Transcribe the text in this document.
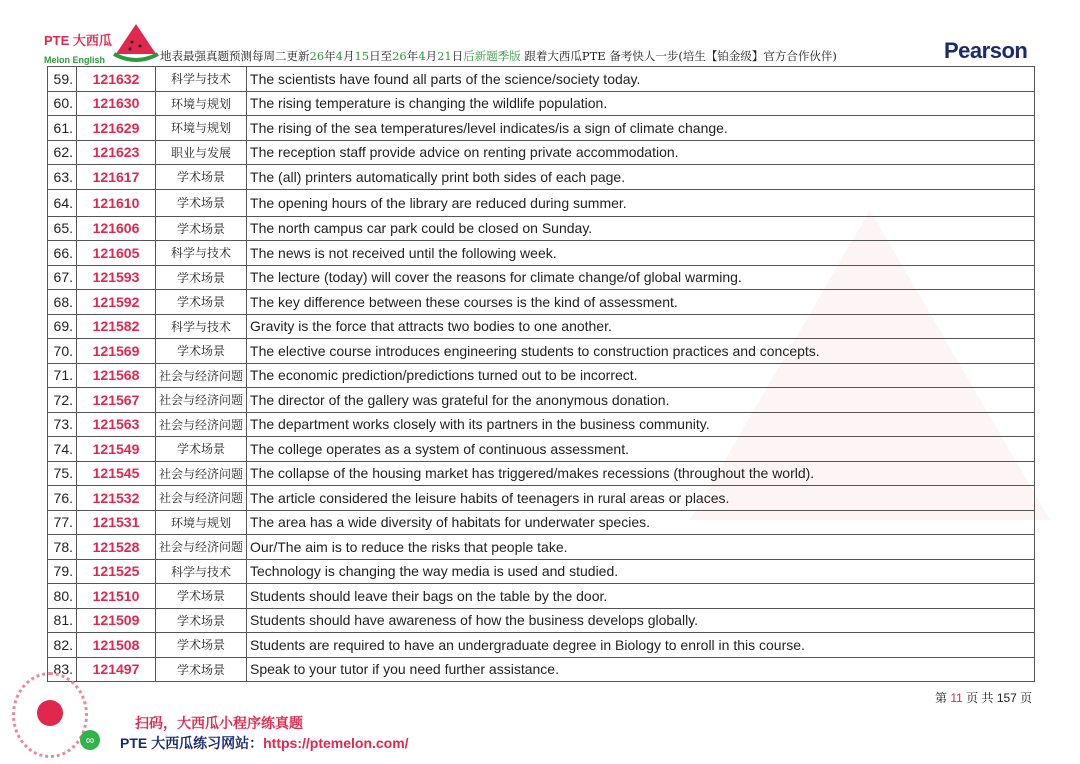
PTE 大西瓜
Melon English	地表最强真题预测每周二更新26年4月15日至26年4月21日后新题季版 跟着大西瓜PTE 备考快人一步(培生【铂金级】官方合作伙伴)	Pearson
59.	121632	科学与技术	The scientists have found all parts of the science/society today.
60.	121630	环境与规划	The rising temperature is changing the wildlife population.
61.	121629	环境与规划	The rising of the sea temperatures/level indicates/is a sign of climate change.
62.	121623	职业与发展	The reception staff provide advice on renting private accommodation.
63.	121617	学术场景	The (all) printers automatically print both sides of each page.
64.	121610	学术场景	The opening hours of the library are reduced during summer.
65.	121606	学术场景	The north campus car park could be closed on Sunday.
66.	121605	科学与技术	The news is not received until the following week.
67.	121593	学术场景	The lecture (today) will cover the reasons for climate change/of global warming.
68.	121592	学术场景	The key difference between these courses is the kind of assessment.
69.	121582	科学与技术	Gravity is the force that attracts two bodies to one another.
70.	121569	学术场景	The elective course introduces engineering students to construction practices and concepts.
71.	121568	社会与经济问题	The economic prediction/predictions turned out to be incorrect.
72.	121567	社会与经济问题	The director of the gallery was grateful for the anonymous donation.
73.	121563	社会与经济问题	The department works closely with its partners in the business community.
74.	121549	学术场景	The college operates as a system of continuous assessment.
75.	121545	社会与经济问题	The collapse of the housing market has triggered/makes recessions (throughout the world).
76.	121532	社会与经济问题	The article considered the leisure habits of teenagers in rural areas or places.
77.	121531	环境与规划	The area has a wide diversity of habitats for underwater species.
78.	121528	社会与经济问题	Our/The aim is to reduce the risks that people take.
79.	121525	科学与技术	Technology is changing the way media is used and studied.
80.	121510	学术场景	Students should leave their bags on the table by the door.
81.	121509	学术场景	Students should have awareness of how the business develops globally.
82.	121508	学术场景	Students are required to have an undergraduate degree in Biology to enroll in this course.
83.	121497	学术场景	Speak to your tutor if you need further assistance.
第 11 页 共 157 页
∞
扫码，大西瓜小程序练真题
PTE 大西瓜练习网站：https://ptemelon.com/
